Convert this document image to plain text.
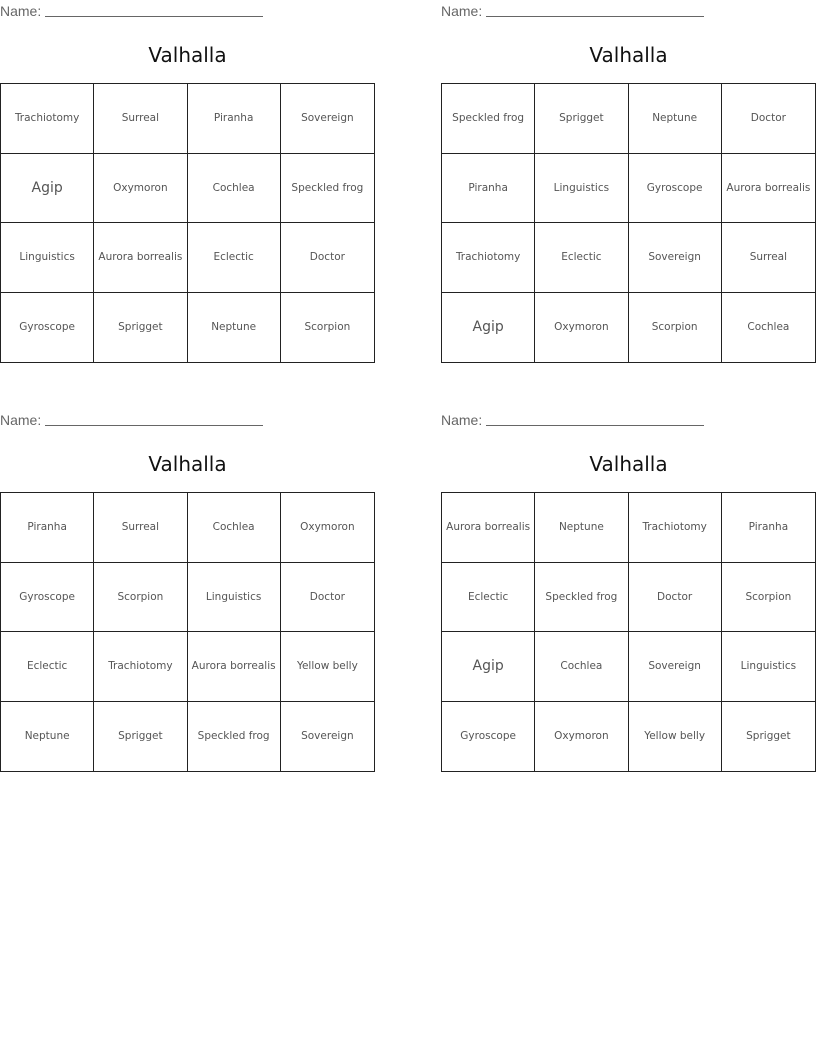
Name:
Valhalla
Trachiotomy	Surreal	Piranha	Sovereign
Agip	Oxymoron	Cochlea	Speckled frog
Linguistics	Aurora borrealis	Eclectic	Doctor
Gyroscope	Sprigget	Neptune	Scorpion
Name:
Valhalla
Speckled frog	Sprigget	Neptune	Doctor
Piranha	Linguistics	Gyroscope	Aurora borrealis
Trachiotomy	Eclectic	Sovereign	Surreal
Agip	Oxymoron	Scorpion	Cochlea
Name:
Valhalla
Piranha	Surreal	Cochlea	Oxymoron
Gyroscope	Scorpion	Linguistics	Doctor
Eclectic	Trachiotomy	Aurora borrealis	Yellow belly
Neptune	Sprigget	Speckled frog	Sovereign
Name:
Valhalla
Aurora borrealis	Neptune	Trachiotomy	Piranha
Eclectic	Speckled frog	Doctor	Scorpion
Agip	Cochlea	Sovereign	Linguistics
Gyroscope	Oxymoron	Yellow belly	Sprigget
